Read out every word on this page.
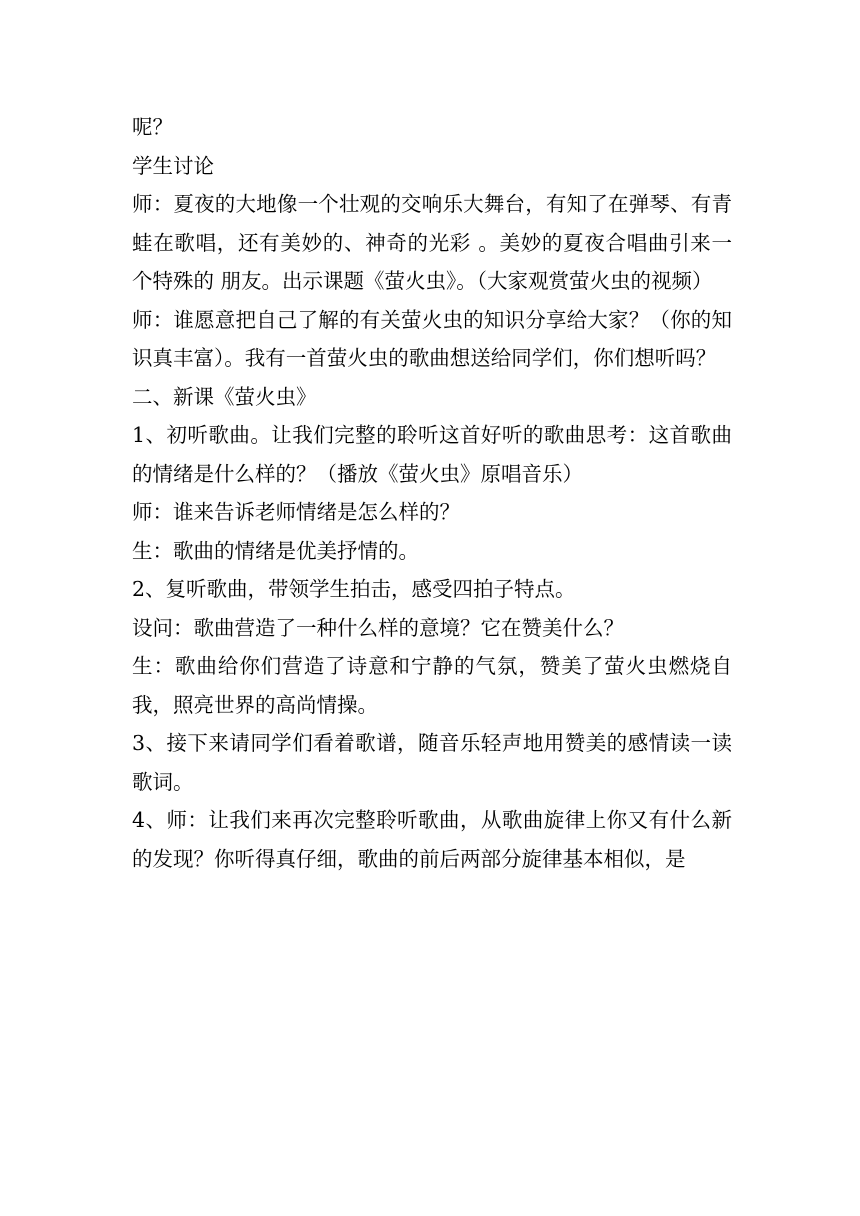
呢？

学生讨论

师：夏夜的大地像一个壮观的交响乐大舞台，有知了在弹琴、有青蛙在歌唱，还有美妙的、神奇的光彩 。美妙的夏夜合唱曲引来一个特殊的 朋友。出示课题《萤火虫》。（大家观赏萤火虫的视频）

师：谁愿意把自己了解的有关萤火虫的知识分享给大家？（你的知识真丰富）。我有一首萤火虫的歌曲想送给同学们，你们想听吗？

二、新课《萤火虫》

1、初听歌曲。让我们完整的聆听这首好听的歌曲思考：这首歌曲的情绪是什么样的？（播放《萤火虫》原唱音乐）

师：谁来告诉老师情绪是怎么样的？

生：歌曲的情绪是优美抒情的。

2、复听歌曲，带领学生拍击，感受四拍子特点。

设问：歌曲营造了一种什么样的意境？它在赞美什么？

生：歌曲给你们营造了诗意和宁静的气氛，赞美了萤火虫燃烧自我，照亮世界的高尚情操。

3、接下来请同学们看着歌谱，随音乐轻声地用赞美的感情读一读歌词。

4、师：让我们来再次完整聆听歌曲，从歌曲旋律上你又有什么新的发现？你听得真仔细，歌曲的前后两部分旋律基本相似，是
